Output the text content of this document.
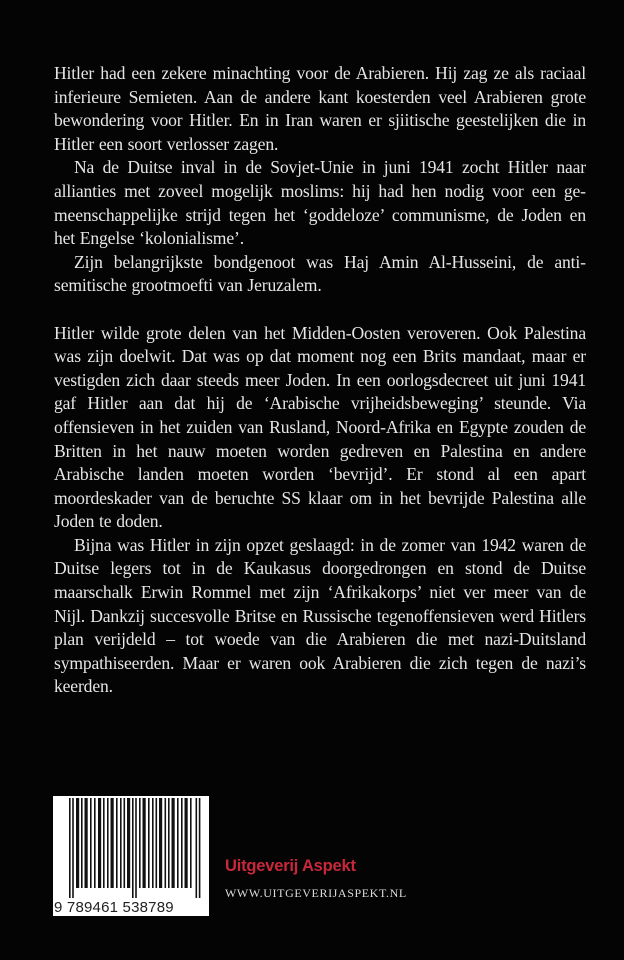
Hitler had een zekere minachting voor de Arabieren. Hij zag ze als raciaal inferieure Semieten. Aan de andere kant koesterden veel Arabieren grote bewondering voor Hitler. En in Iran waren er sjiitische geestelijken die in Hitler een soort verlosser zagen.

Na de Duitse inval in de Sovjet-Unie in juni 1941 zocht Hitler naar allianties met zoveel mogelijk moslims: hij had hen nodig voor een gemeenschappelijke strijd tegen het ‘goddeloze’ communisme, de Joden en het Engelse ‘kolonialisme’.

Zijn belangrijkste bondgenoot was Haj Amin Al-Husseini, de antisemitische grootmoefti van Jeruzalem.

Hitler wilde grote delen van het Midden-Oosten veroveren. Ook Palestina was zijn doelwit. Dat was op dat moment nog een Brits mandaat, maar er vestigden zich daar steeds meer Joden. In een oorlogsdecreet uit juni 1941 gaf Hitler aan dat hij de ‘Arabische vrijheidsbeweging’ steunde. Via offensieven in het zuiden van Rusland, Noord-Afrika en Egypte zouden de Britten in het nauw moeten worden gedreven en Palestina en andere Arabische landen moeten worden ‘bevrijd’. Er stond al een apart moordeskader van de beruchte SS klaar om in het bevrijde Palestina alle Joden te doden.

Bijna was Hitler in zijn opzet geslaagd: in de zomer van 1942 waren de Duitse legers tot in de Kaukasus doorgedrongen en stond de Duitse maarschalk Erwin Rommel met zijn ‘Afrikakorps’ niet ver meer van de Nijl. Dankzij succesvolle Britse en Russische tegenoffensieven werd Hitlers plan verijdeld – tot woede van die Arabieren die met nazi-Duitsland sympathiseerden. Maar er waren ook Arabieren die zich tegen de nazi’s keerden.

9 789461 538789
Uitgeverij Aspekt
WWW.UITGEVERIJASPEKT.NL
